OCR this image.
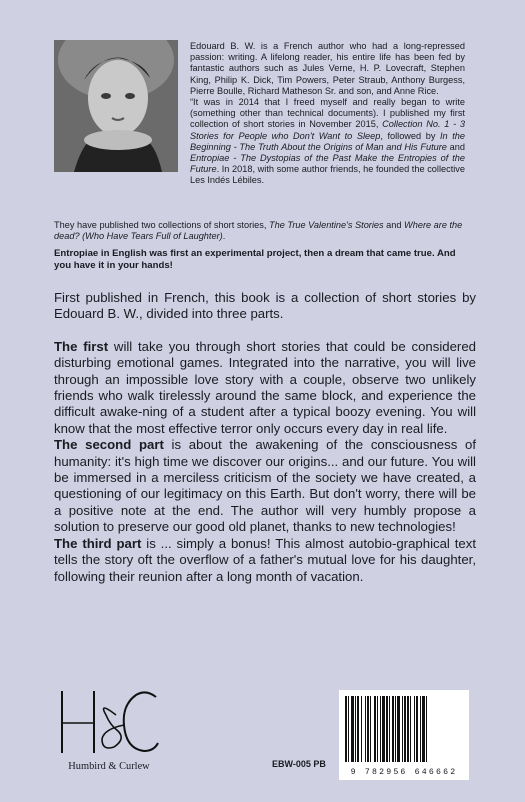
Edouard B. W. is a French author who had a long-repressed passion: writing. A lifelong reader, his entire life has been fed by fantastic authors such as Jules Verne, H. P. Lovecraft, Stephen King, Philip K. Dick, Tim Powers, Peter Straub, Anthony Burgess, Pierre Boulle, Richard Matheson Sr. and son, and Anne Rice.

“It was in 2014 that I freed myself and really began to write (something other than technical documents). I published my first collection of short stories in November 2015, Collection No. 1 - 3 Stories for People who Don't Want to Sleep, followed by In the Beginning - The Truth About the Origins of Man and His Future and Entropiae - The Dystopias of the Past Make the Entropies of the Future. In 2018, with some author friends, he founded the collective Les Indés Lébiles.

They have published two collections of short stories, The True Valentine's Stories and Where are the dead? (Who Have Tears Full of Laughter).
Entropiae in English was first an experimental project, then a dream that came true. And you have it in your hands!

First published in French, this book is a collection of short stories by Edouard B. W., divided into three parts.

The first will take you through short stories that could be considered disturbing emotional games. Integrated into the narrative, you will live through an impossible love story with a couple, observe two unlikely friends who walk tirelessly around the same block, and experience the difficult awake-ning of a student after a typical boozy evening. You will know that the most effective terror only occurs every day in real life.

The second part is about the awakening of the consciousness of humanity: it's high time we discover our origins... and our future. You will be immersed in a merciless criticism of the society we have created, a questioning of our legitimacy on this Earth. But don't worry, there will be a positive note at the end. The author will very humbly propose a solution to preserve our good old planet, thanks to new technologies!

The third part is ... simply a bonus! This almost autobio-graphical text tells the story oft the overflow of a father's mutual love for his daughter, following their reunion after a long month of vacation.

Humbird & Curlew	EBW-005 PB
9 782956 646662
